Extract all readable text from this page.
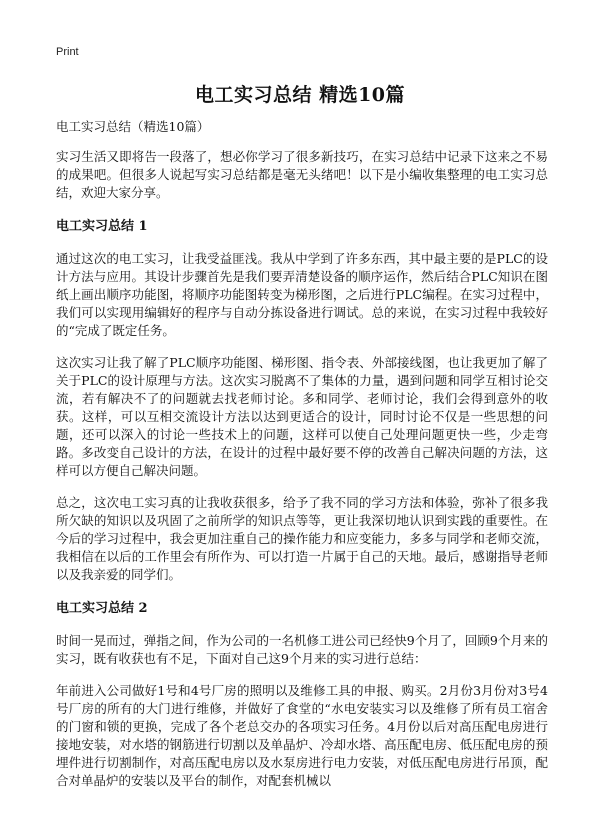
Print
电工实习总结 精选10篇

电工实习总结（精选10篇）

实习生活又即将告一段落了，想必你学习了很多新技巧，在实习总结中记录下这来之不易的成果吧。但很多人说起写实习总结都是毫无头绪吧！以下是小编收集整理的电工实习总结，欢迎大家分享。

电工实习总结 1

通过这次的电工实习，让我受益匪浅。我从中学到了许多东西，其中最主要的是PLC的设计方法与应用。其设计步骤首先是我们要弄清楚设备的顺序运作，然后结合PLC知识在图纸上画出顺序功能图，将顺序功能图转变为梯形图，之后进行PLC编程。在实习过程中，我们可以实现用编辑好的程序与自动分拣设备进行调试。总的来说，在实习过程中我较好的“完成了既定任务。

这次实习让我了解了PLC顺序功能图、梯形图、指令表、外部接线图，也让我更加了解了关于PLC的设计原理与方法。这次实习脱离不了集体的力量，遇到问题和同学互相讨论交流，若有解决不了的问题就去找老师讨论。多和同学、老师讨论，我们会得到意外的收获。这样，可以互相交流设计方法以达到更适合的设计，同时讨论不仅是一些思想的问题，还可以深入的讨论一些技术上的问题，这样可以使自己处理问题更快一些，少走弯路。多改变自己设计的方法，在设计的过程中最好要不停的改善自己解决问题的方法，这样可以方便自己解决问题。

总之，这次电工实习真的让我收获很多，给予了我不同的学习方法和体验，弥补了很多我所欠缺的知识以及巩固了之前所学的知识点等等，更让我深切地认识到实践的重要性。在今后的学习过程中，我会更加注重自己的操作能力和应变能力，多多与同学和老师交流，我相信在以后的工作里会有所作为、可以打造一片属于自己的天地。最后，感谢指导老师以及我亲爱的同学们。

电工实习总结 2

时间一晃而过，弹指之间，作为公司的一名机修工进公司已经快9个月了，回顾9个月来的实习，既有收获也有不足，下面对自己这9个月来的实习进行总结：

年前进入公司做好1号和4号厂房的照明以及维修工具的申报、购买。2月份3月份对3号4号厂房的所有的大门进行维修，并做好了食堂的“水电安装实习以及维修了所有员工宿舍的门窗和锁的更换，完成了各个老总交办的各项实习任务。4月份以后对高压配电房进行接地安装，对水塔的钢筋进行切割以及单晶炉、冷却水塔、高压配电房、低压配电房的预埋件进行切割制作，对高压配电房以及水泵房进行电力安装，对低压配电房进行吊顶，配合对单晶炉的安装以及平台的制作，对配套机械以
